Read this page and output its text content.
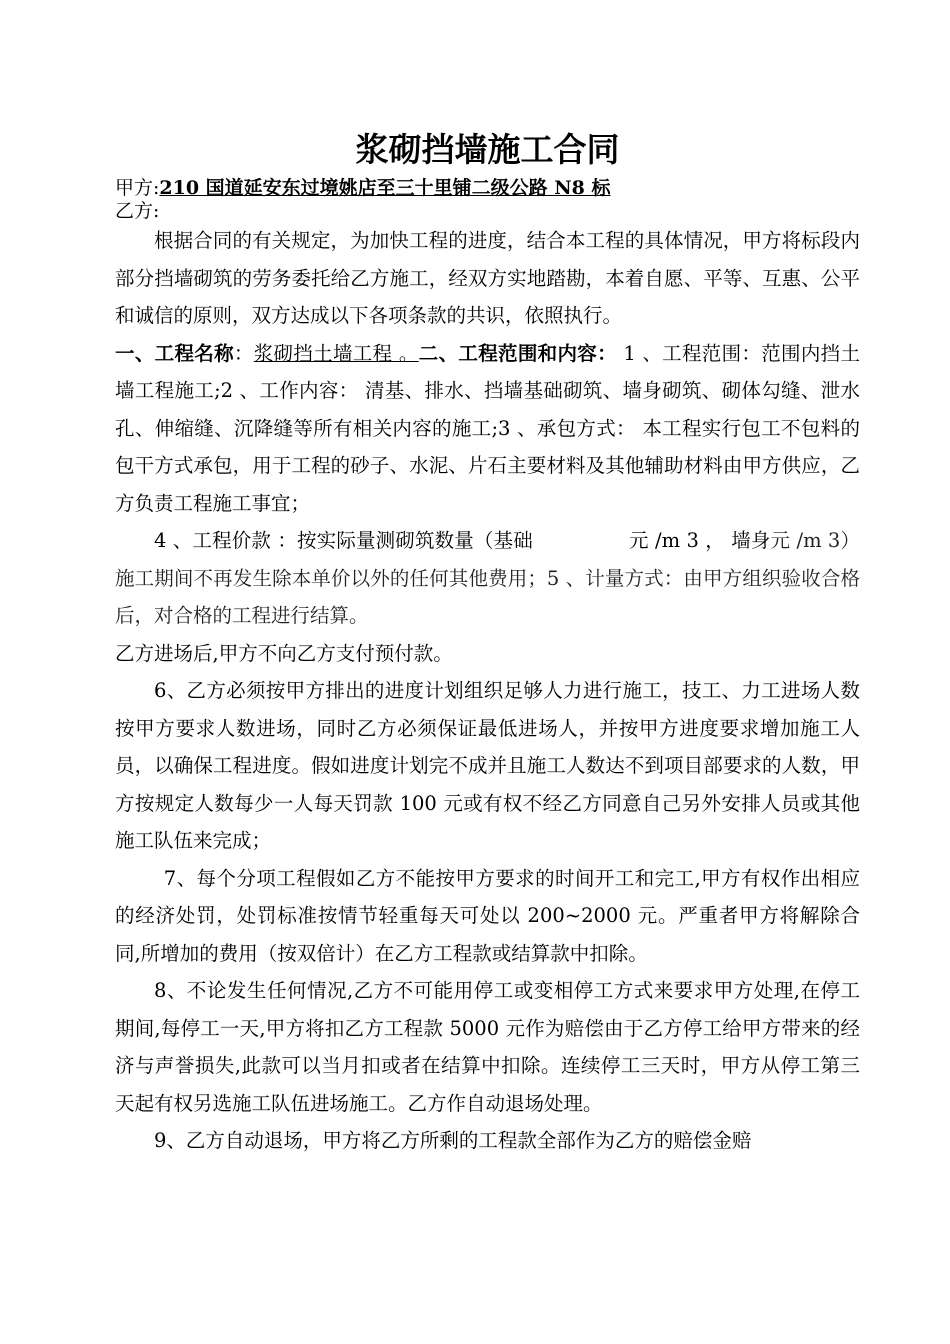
浆砌挡墙施工合同
甲方:210 国道延安东过境姚店至三十里铺二级公路 N8 标
乙方:

根据合同的有关规定，为加快工程的进度，结合本工程的具体情况，甲方将标段内部分挡墙砌筑的劳务委托给乙方施工，经双方实地踏勘，本着自愿、平等、互惠、公平和诚信的原则，双方达成以下各项条款的共识，依照执行。

一、工程名称：浆砌挡土墙工程 。二、工程范围和内容： 1 、工程范围：范围内挡土墙工程施工;2 、工作内容： 清基、排水、挡墙基础砌筑、墙身砌筑、砌体勾缝、泄水孔、伸缩缝、沉降缝等所有相关内容的施工;3 、承包方式： 本工程实行包工不包料的包干方式承包，用于工程的砂子、水泥、片石主要材料及其他辅助材料由甲方供应，乙方负责工程施工事宜；

4 、工程价款 ：按实际量测砌筑数量（基础	元 /m 3 ， 墙身元 /m 3）施工期间不再发生除本单价以外的任何其他费用；5 、计量方式：由甲方组织验收合格后，对合格的工程进行结算。

乙方进场后,甲方不向乙方支付预付款。

6、乙方必须按甲方排出的进度计划组织足够人力进行施工，技工、力工进场人数按甲方要求人数进场，同时乙方必须保证最低进场人，并按甲方进度要求增加施工人员，以确保工程进度。假如进度计划完不成并且施工人数达不到项目部要求的人数，甲方按规定人数每少一人每天罚款 100 元或有权不经乙方同意自己另外安排人员或其他施工队伍来完成；

7、每个分项工程假如乙方不能按甲方要求的时间开工和完工,甲方有权作出相应的经济处罚，处罚标准按情节轻重每天可处以 200~2000 元。严重者甲方将解除合同,所增加的费用（按双倍计）在乙方工程款或结算款中扣除。

8、不论发生任何情况,乙方不可能用停工或变相停工方式来要求甲方处理,在停工期间,每停工一天,甲方将扣乙方工程款 5000 元作为赔偿由于乙方停工给甲方带来的经济与声誉损失,此款可以当月扣或者在结算中扣除。连续停工三天时，甲方从停工第三天起有权另选施工队伍进场施工。乙方作自动退场处理。

9、乙方自动退场，甲方将乙方所剩的工程款全部作为乙方的赔偿金赔
